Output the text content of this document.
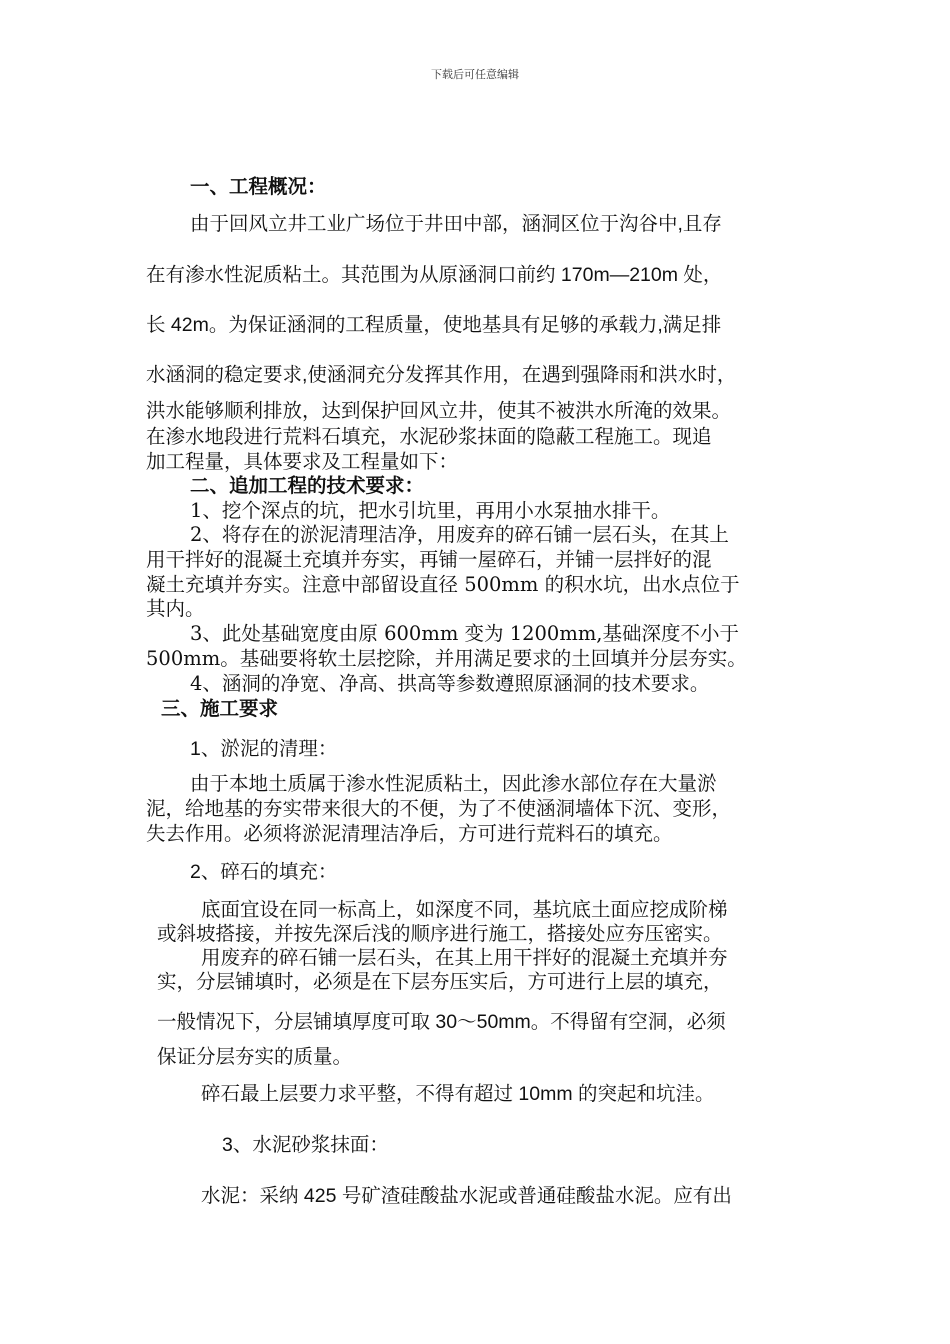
下载后可任意编辑
一、工程概况：
由于回风立井工业广场位于井田中部，涵洞区位于沟谷中,且存
在有渗水性泥质粘土。其范围为从原涵洞口前约 170m—210m 处，
长 42m。为保证涵洞的工程质量，使地基具有足够的承载力,满足排
水涵洞的稳定要求,使涵洞充分发挥其作用，在遇到强降雨和洪水时，
洪水能够顺利排放，达到保护回风立井，使其不被洪水所淹的效果。
在渗水地段进行荒料石填充，水泥砂浆抹面的隐蔽工程施工。现追
加工程量，具体要求及工程量如下：
二、追加工程的技术要求：
1、挖个深点的坑，把水引坑里，再用小水泵抽水排干。
2、将存在的淤泥清理洁净，用废弃的碎石铺一层石头，在其上
用干拌好的混凝土充填并夯实，再铺一屋碎石，并铺一层拌好的混
凝土充填并夯实。注意中部留设直径 500mm 的积水坑，出水点位于
其内。
3、此处基础宽度由原 600mm 变为 1200mm,基础深度不小于
500mm。基础要将软土层挖除，并用满足要求的土回填并分层夯实。
4、涵洞的净宽、净高、拱高等参数遵照原涵洞的技术要求。
三、施工要求
1、淤泥的清理：
由于本地土质属于渗水性泥质粘土，因此渗水部位存在大量淤
泥，给地基的夯实带来很大的不便，为了不使涵洞墙体下沉、变形，
失去作用。必须将淤泥清理洁净后，方可进行荒料石的填充。
2、碎石的填充：
底面宜设在同一标高上，如深度不同，基坑底土面应挖成阶梯
或斜坡搭接，并按先深后浅的顺序进行施工，搭接处应夯压密实。
用废弃的碎石铺一层石头，在其上用干拌好的混凝土充填并夯
实，分层铺填时，必须是在下层夯压实后，方可进行上层的填充，
一般情况下，分层铺填厚度可取 30～50mm。不得留有空洞，必须
保证分层夯实的质量。
碎石最上层要力求平整，不得有超过 10mm 的突起和坑洼。
3、水泥砂浆抹面：
水泥：采纳 425 号矿渣硅酸盐水泥或普通硅酸盐水泥。应有出
